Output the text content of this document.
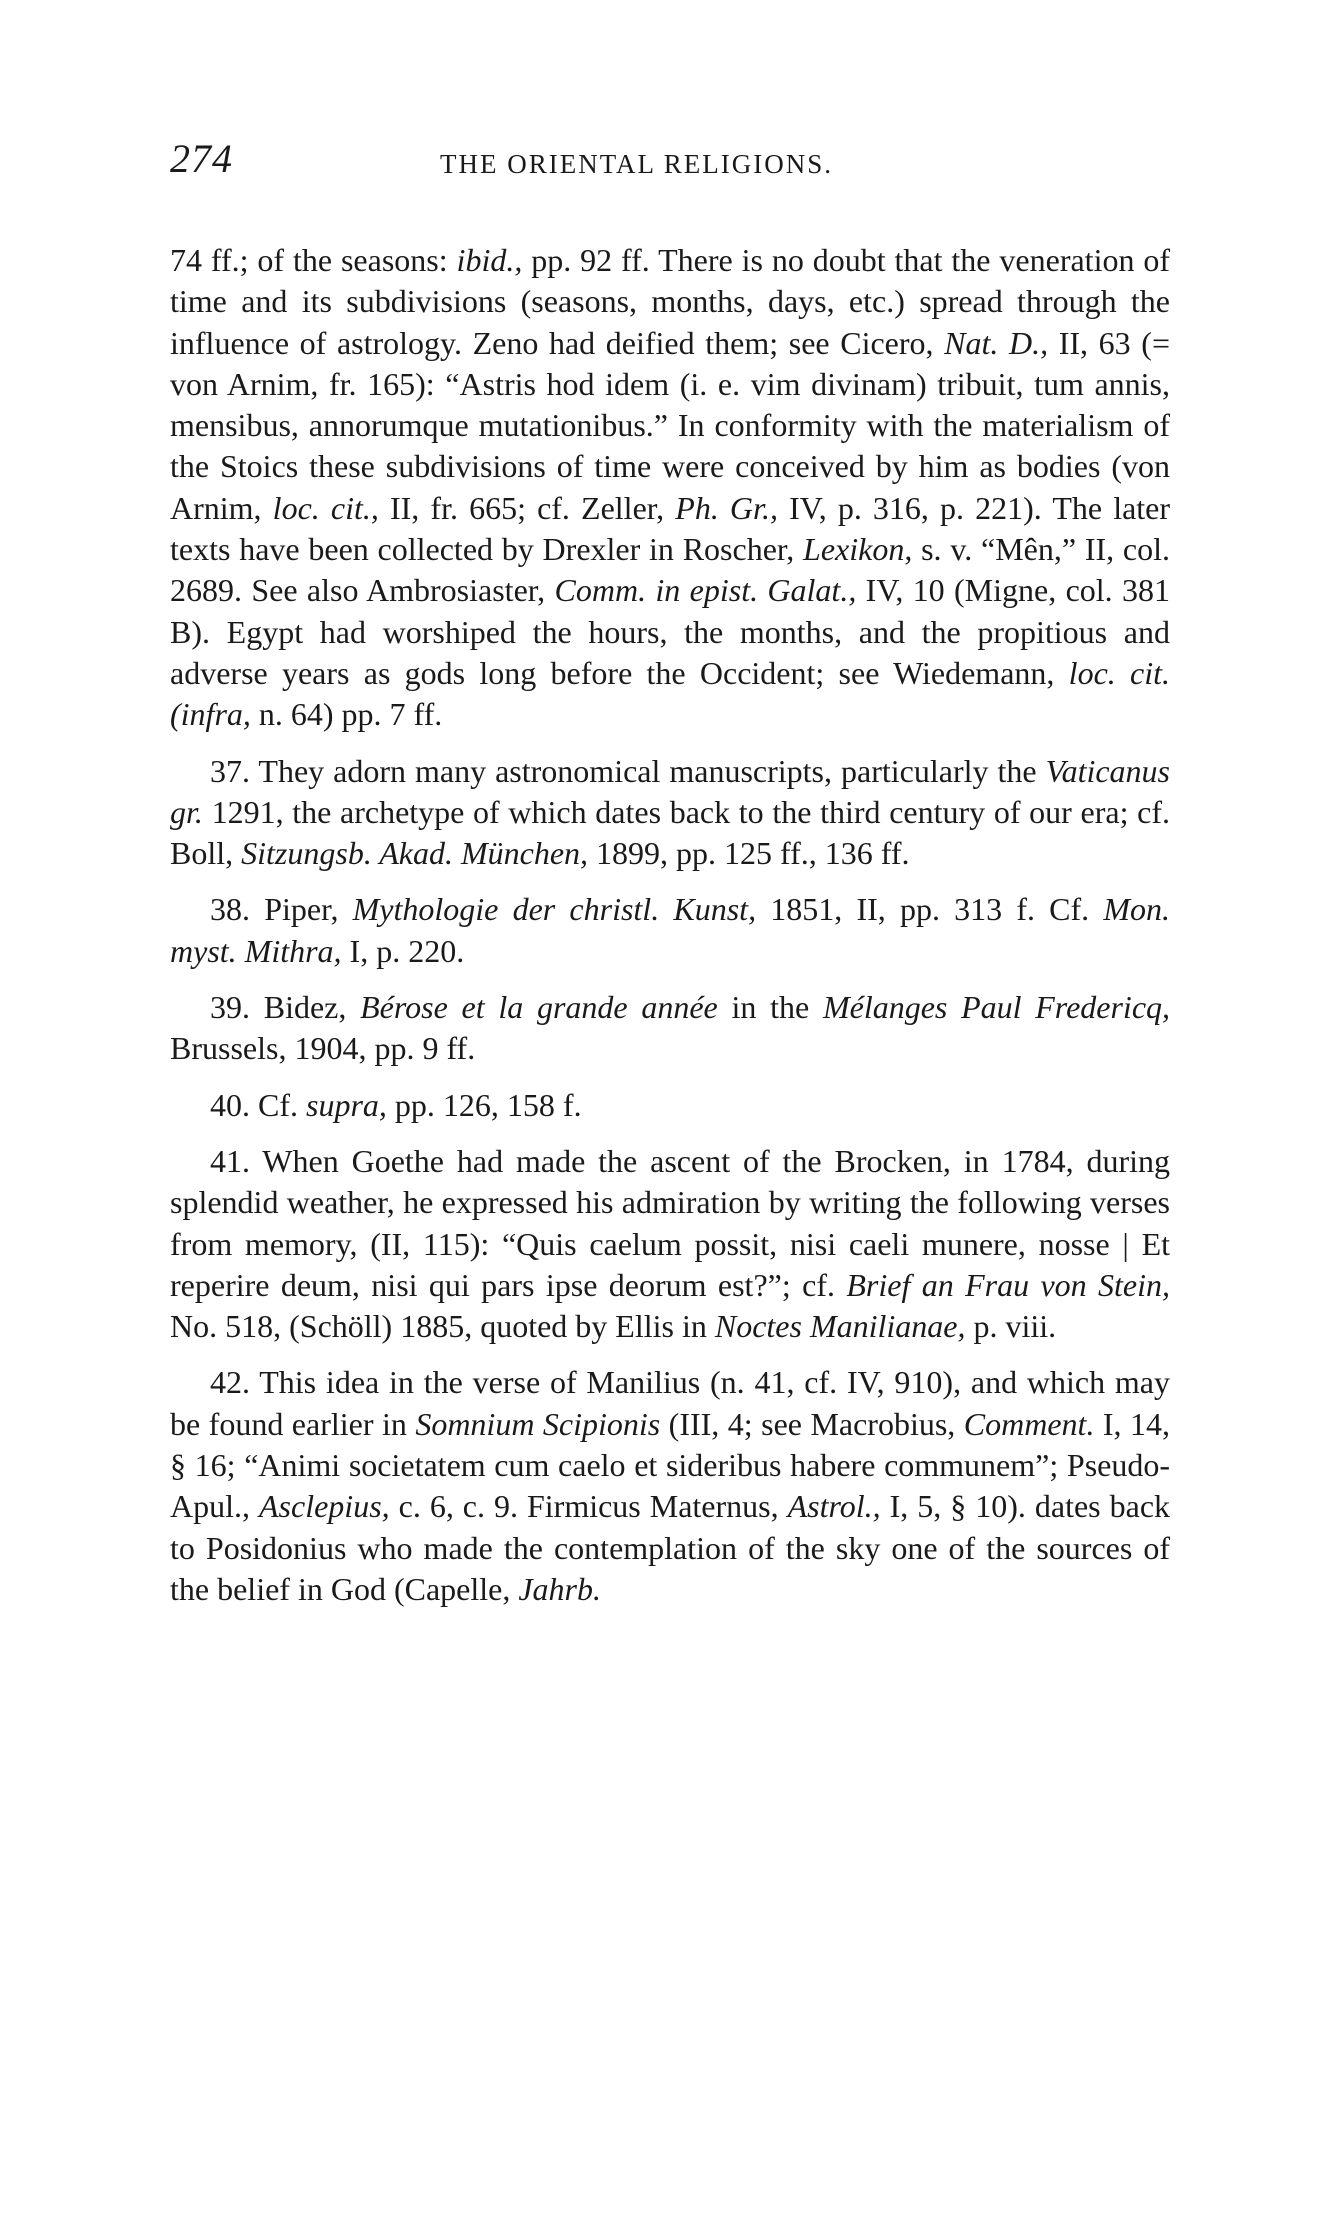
274	THE ORIENTAL RELIGIONS.

74 ff.; of the seasons: ibid., pp. 92 ff. There is no doubt that the veneration of time and its subdivisions (seasons, months, days, etc.) spread through the influence of astrology. Zeno had deified them; see Cicero, Nat. D., II, 63 (= von Arnim, fr. 165): “Astris hod idem (i. e. vim divinam) tribuit, tum annis, mensibus, annorumque mutationibus.” In conformity with the materialism of the Stoics these subdivisions of time were conceived by him as bodies (von Arnim, loc. cit., II, fr. 665; cf. Zeller, Ph. Gr., IV, p. 316, p. 221). The later texts have been collected by Drexler in Roscher, Lexikon, s. v. “Mên,” II, col. 2689. See also Ambrosiaster, Comm. in epist. Galat., IV, 10 (Migne, col. 381 B). Egypt had worshiped the hours, the months, and the propitious and adverse years as gods long before the Occident; see Wiedemann, loc. cit. (infra, n. 64) pp. 7 ff.

37. They adorn many astronomical manuscripts, particularly the Vaticanus gr. 1291, the archetype of which dates back to the third century of our era; cf. Boll, Sitzungsb. Akad. München, 1899, pp. 125 ff., 136 ff.

38. Piper, Mythologie der christl. Kunst, 1851, II, pp. 313 f. Cf. Mon. myst. Mithra, I, p. 220.

39. Bidez, Bérose et la grande année in the Mélanges Paul Fredericq, Brussels, 1904, pp. 9 ff.

40. Cf. supra, pp. 126, 158 f.

41. When Goethe had made the ascent of the Brocken, in 1784, during splendid weather, he expressed his admiration by writing the following verses from memory, (II, 115): “Quis caelum possit, nisi caeli munere, nosse | Et reperire deum, nisi qui pars ipse deorum est?”; cf. Brief an Frau von Stein, No. 518, (Schöll) 1885, quoted by Ellis in Noctes Manilianae, p. viii.

42. This idea in the verse of Manilius (n. 41, cf. IV, 910), and which may be found earlier in Somnium Scipionis (III, 4; see Macrobius, Comment. I, 14, § 16; “Animi societatem cum caelo et sideribus habere communem”; Pseudo-Apul., Asclepius, c. 6, c. 9. Firmicus Maternus, Astrol., I, 5, § 10). dates back to Posidonius who made the contemplation of the sky one of the sources of the belief in God (Capelle, Jahrb.
